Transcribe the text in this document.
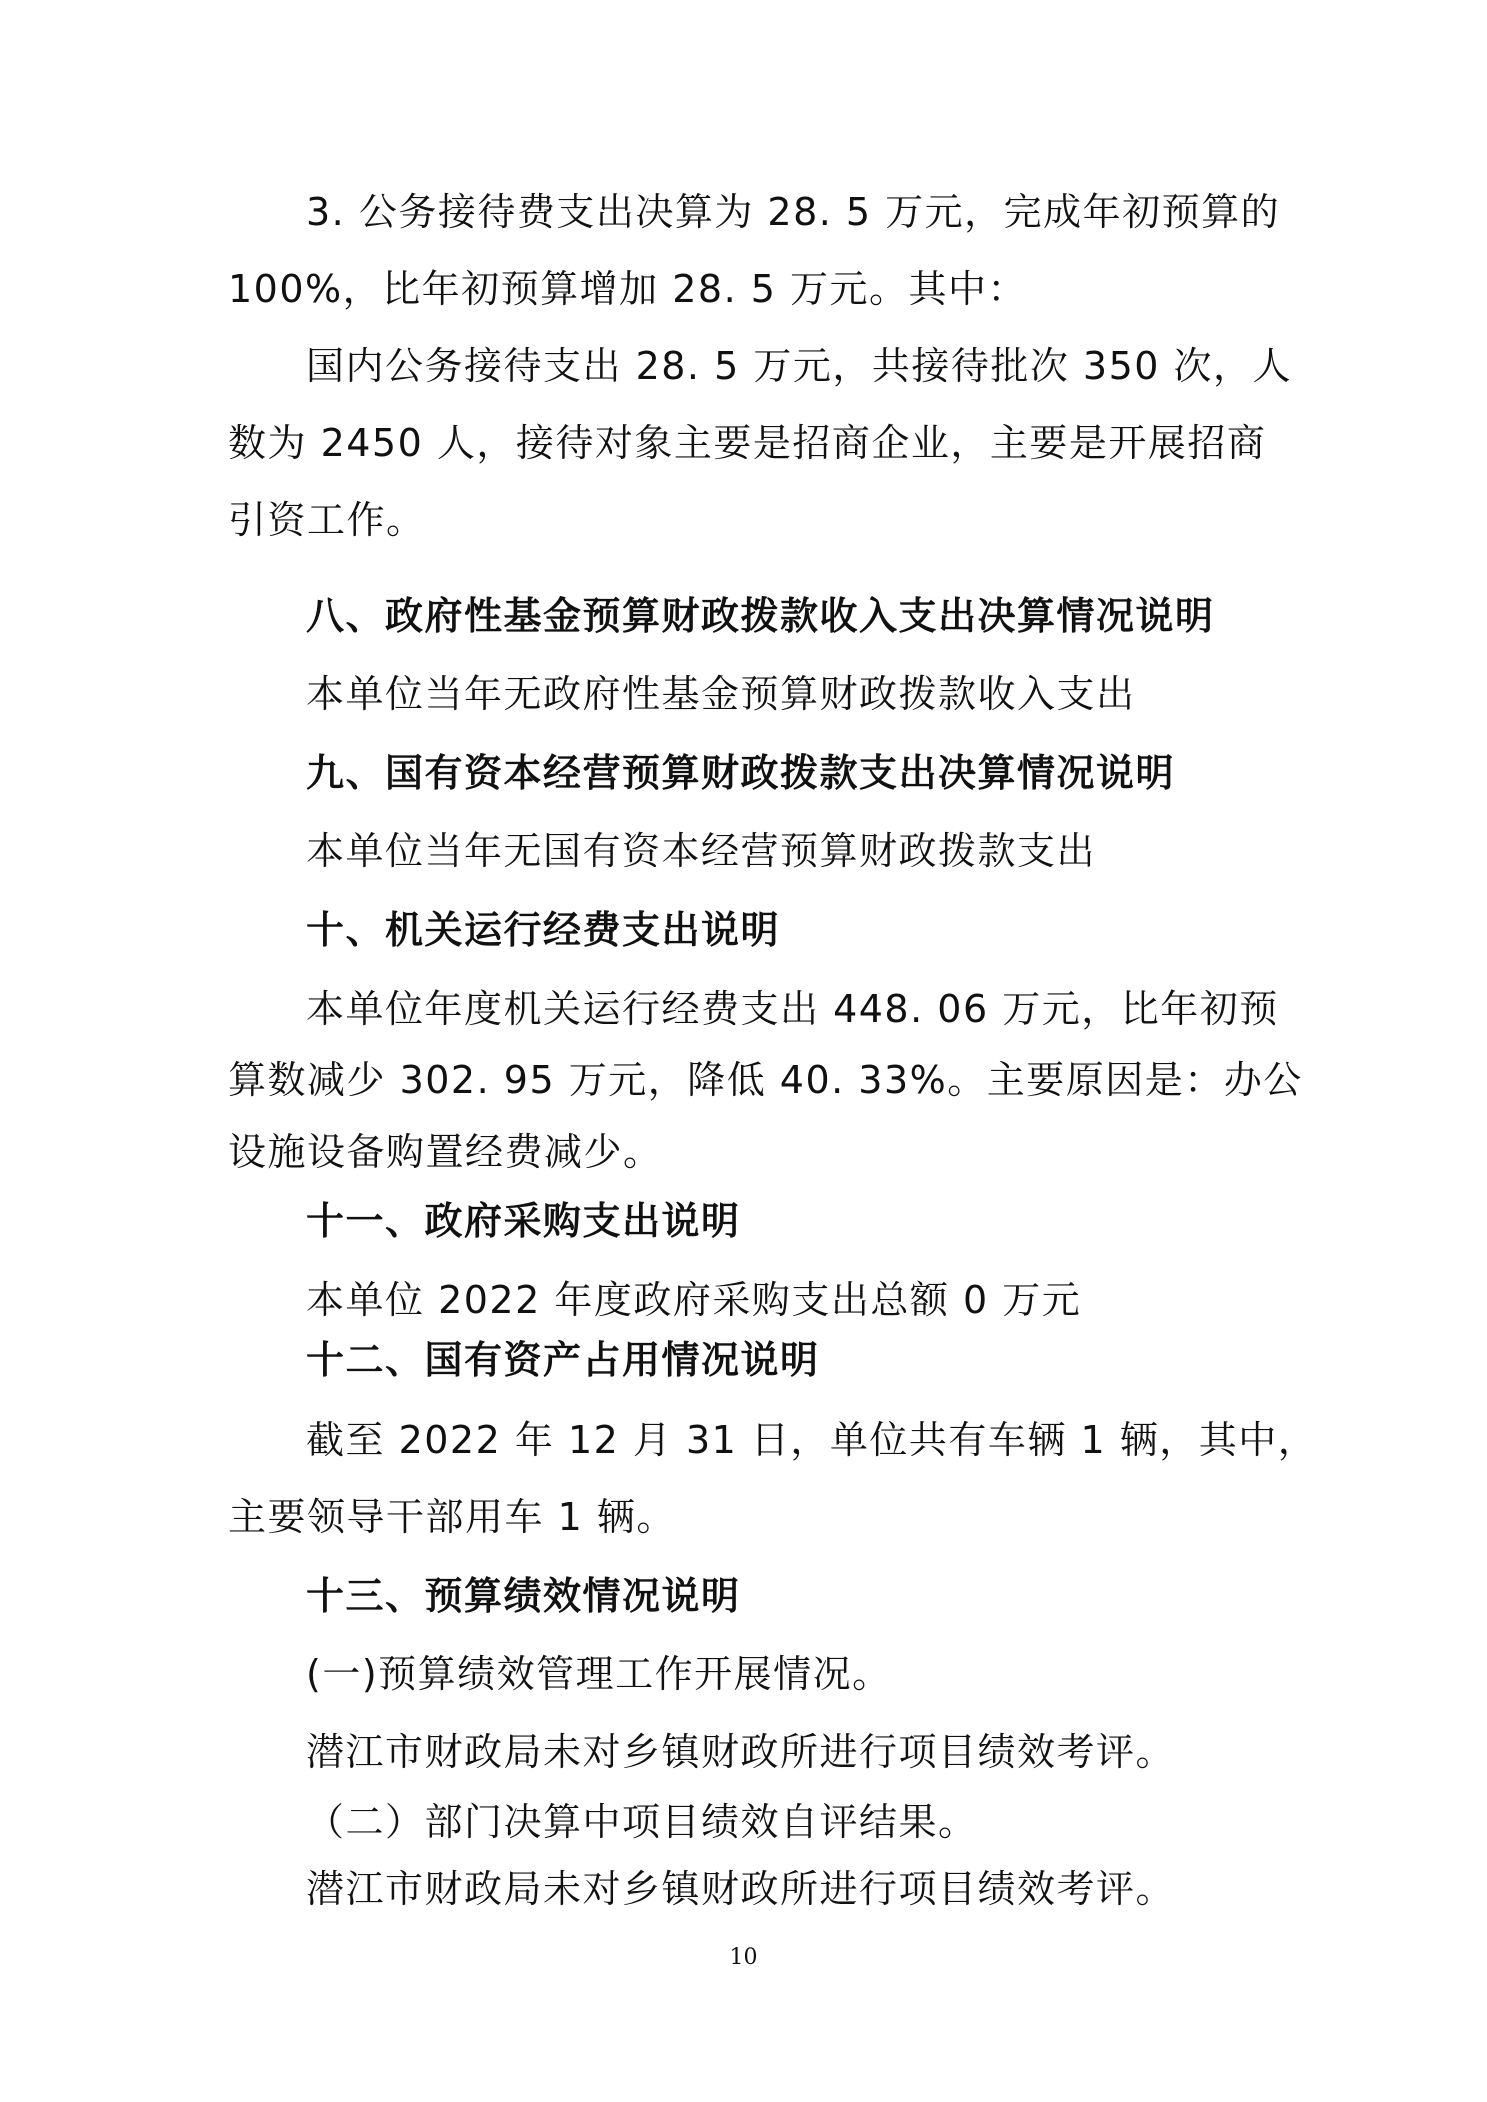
3. 公务接待费支出决算为 28. 5 万元，完成年初预算的
100%，比年初预算增加 28. 5 万元。其中：
国内公务接待支出 28. 5 万元，共接待批次 350 次，人
数为 2450 人，接待对象主要是招商企业，主要是开展招商
引资工作。
八、政府性基金预算财政拨款收入支出决算情况说明
本单位当年无政府性基金预算财政拨款收入支出
九、国有资本经营预算财政拨款支出决算情况说明
本单位当年无国有资本经营预算财政拨款支出
十、机关运行经费支出说明
本单位年度机关运行经费支出 448. 06 万元，比年初预
算数减少 302. 95 万元，降低 40. 33%。主要原因是：办公
设施设备购置经费减少。
十一、政府采购支出说明
本单位 2022 年度政府采购支出总额 0 万元
十二、国有资产占用情况说明
截至 2022 年 12 月 31 日，单位共有车辆 1 辆，其中，
主要领导干部用车 1 辆。
十三、预算绩效情况说明
(一)预算绩效管理工作开展情况。
潜江市财政局未对乡镇财政所进行项目绩效考评。
（二）部门决算中项目绩效自评结果。
潜江市财政局未对乡镇财政所进行项目绩效考评。
10
